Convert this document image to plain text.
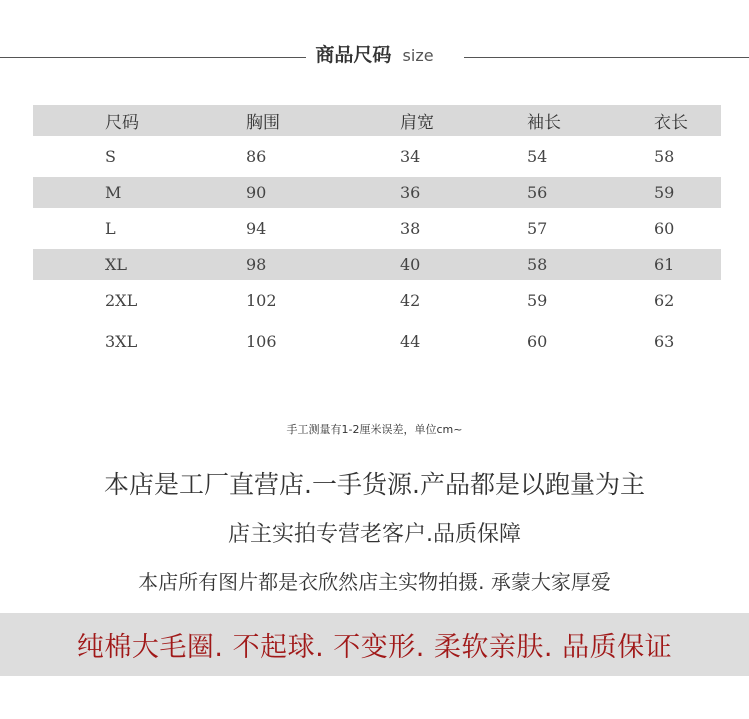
商品尺码 size
尺码	胸围	肩宽	袖长	衣长
S	86	34	54	58
M	90	36	56	59
L	94	38	57	60
XL	98	40	58	61
2XL	102	42	59	62
3XL	106	44	60	63
手工测量有1-2厘米误差，单位cm~
本店是工厂直营店.一手货源.产品都是以跑量为主
店主实拍专营老客户.品质保障
本店所有图片都是衣欣然店主实物拍摄. 承蒙大家厚爱
纯棉大毛圈. 不起球. 不变形. 柔软亲肤. 品质保证
